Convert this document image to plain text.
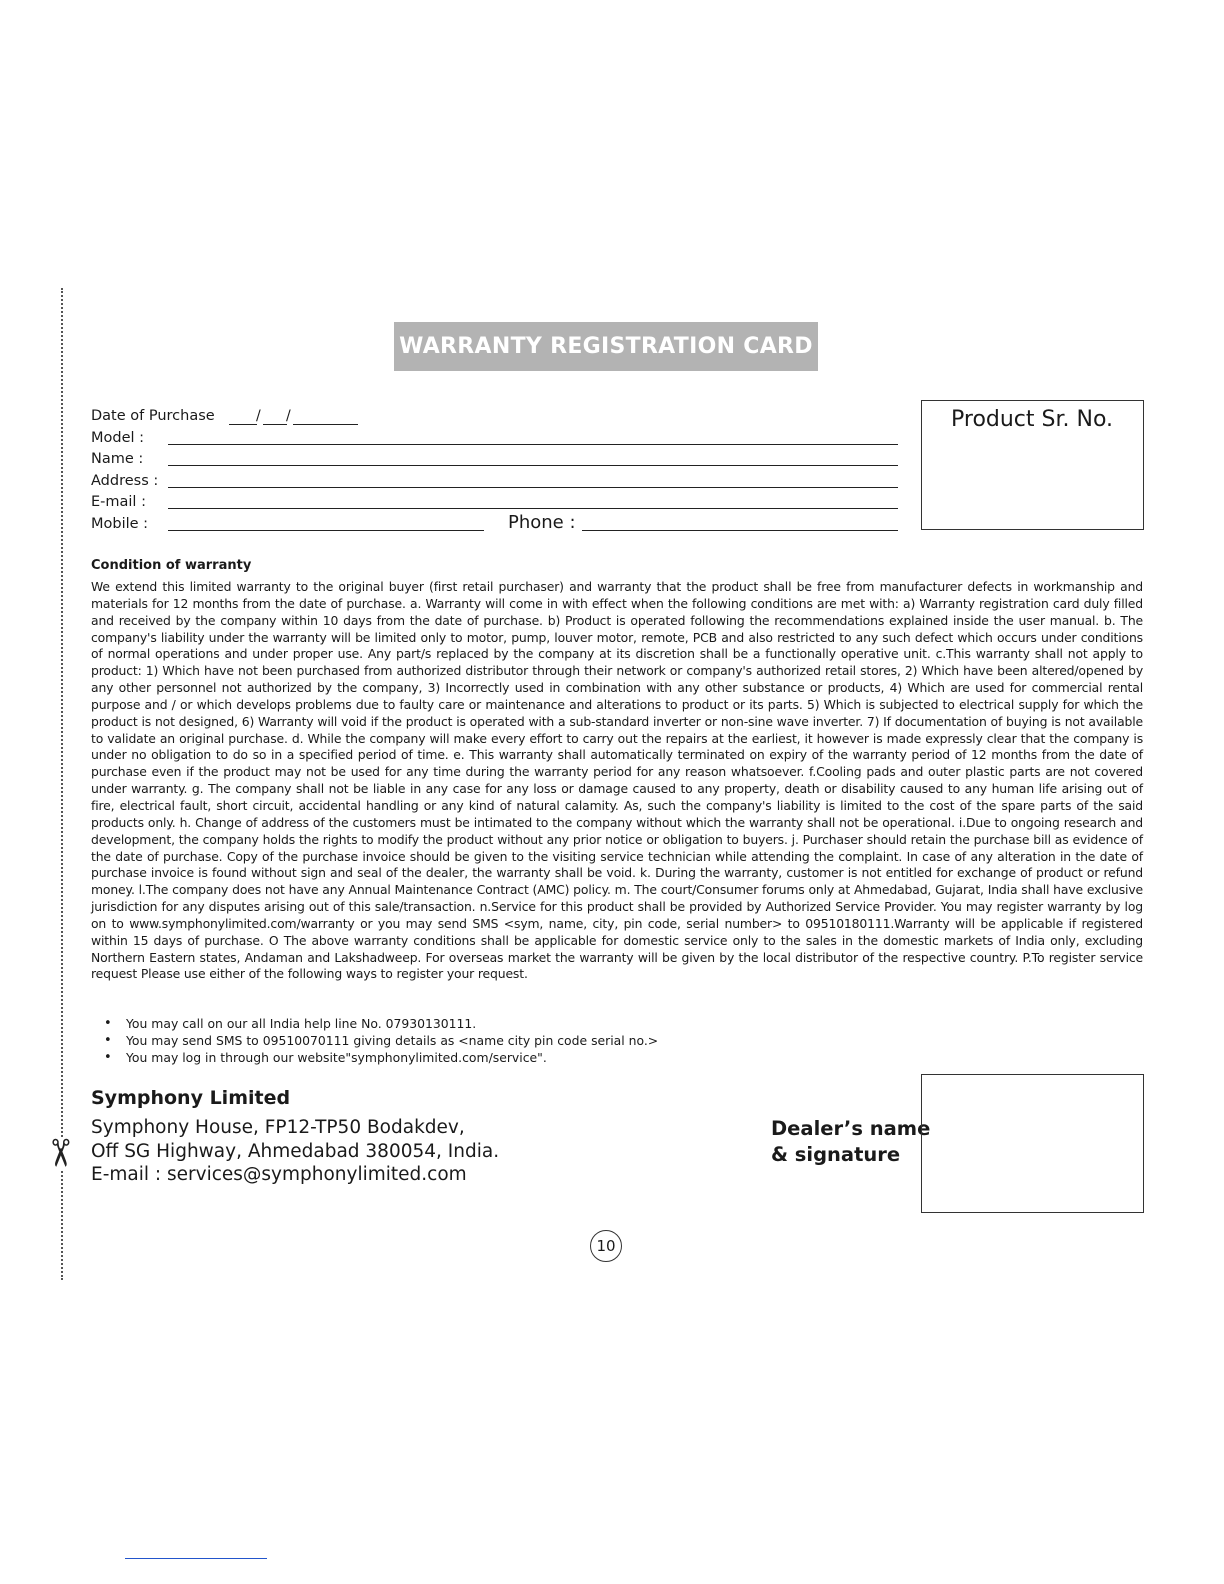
✂
WARRANTY REGISTRATION CARD
Date of Purchase	/ /
Model :
Name :
Address :
E-mail :
Mobile :	Phone :
Product Sr. No.
Condition of warranty
We extend this limited warranty to the original buyer (first retail purchaser) and warranty that the product shall be free from manufacturer defects in workmanship and materials for 12 months from the date of purchase. a. Warranty will come in with effect when the following conditions are met with: a) Warranty registration card duly filled and received by the company within 10 days from the date of purchase. b) Product is operated following the recommendations explained inside the user manual. b. The company's liability under the warranty will be limited only to motor, pump, louver motor, remote, PCB and also restricted to any such defect which occurs under conditions of normal operations and under proper use. Any part/s replaced by the company at its discretion shall be a functionally operative unit. c.This warranty shall not apply to product: 1) Which have not been purchased from authorized distributor through their network or company's authorized retail stores, 2) Which have been altered/opened by any other personnel not authorized by the company, 3) Incorrectly used in combination with any other substance or products, 4) Which are used for commercial rental purpose and / or which develops problems due to faulty care or maintenance and alterations to product or its parts. 5) Which is subjected to electrical supply for which the product is not designed, 6) Warranty will void if the product is operated with a sub-standard inverter or non-sine wave inverter. 7) If documentation of buying is not available to validate an original purchase. d. While the company will make every effort to carry out the repairs at the earliest, it however is made expressly clear that the company is under no obligation to do so in a specified period of time. e. This warranty shall automatically terminated on expiry of the warranty period of 12 months from the date of purchase even if the product may not be used for any time during the warranty period for any reason whatsoever. f.Cooling pads and outer plastic parts are not covered under warranty. g. The company shall not be liable in any case for any loss or damage caused to any property, death or disability caused to any human life arising out of fire, electrical fault, short circuit, accidental handling or any kind of natural calamity. As, such the company's liability is limited to the cost of the spare parts of the said products only. h. Change of address of the customers must be intimated to the company without which the warranty shall not be operational. i.Due to ongoing research and development, the company holds the rights to modify the product without any prior notice or obligation to buyers. j. Purchaser should retain the purchase bill as evidence of the date of purchase. Copy of the purchase invoice should be given to the visiting service technician while attending the complaint. In case of any alteration in the date of purchase invoice is found without sign and seal of the dealer, the warranty shall be void. k. During the warranty, customer is not entitled for exchange of product or refund money. l.The company does not have any Annual Maintenance Contract (AMC) policy. m. The court/Consumer forums only at Ahmedabad, Gujarat, India shall have exclusive jurisdiction for any disputes arising out of this sale/transaction. n.Service for this product shall be provided by Authorized Service Provider. You may register warranty by log on to www.symphonylimited.com/warranty or you may send SMS <sym, name, city, pin code, serial number> to 09510180111.Warranty will be applicable if registered within 15 days of purchase. O The above warranty conditions shall be applicable for domestic service only to the sales in the domestic markets of India only, excluding Northern Eastern states, Andaman and Lakshadweep. For overseas market the warranty will be given by the local distributor of the respective country. P.To register service request Please use either of the following ways to register your request.
•	You may call on our all India help line No. 07930130111.
•	You may send SMS to 09510070111 giving details as <name city pin code serial no.>
•	You may log in through our website"symphonylimited.com/service".
Symphony Limited
Symphony House, FP12-TP50 Bodakdev,
Off SG Highway, Ahmedabad 380054, India.
E-mail : services@symphonylimited.com
Dealer’s name
& signature
10
